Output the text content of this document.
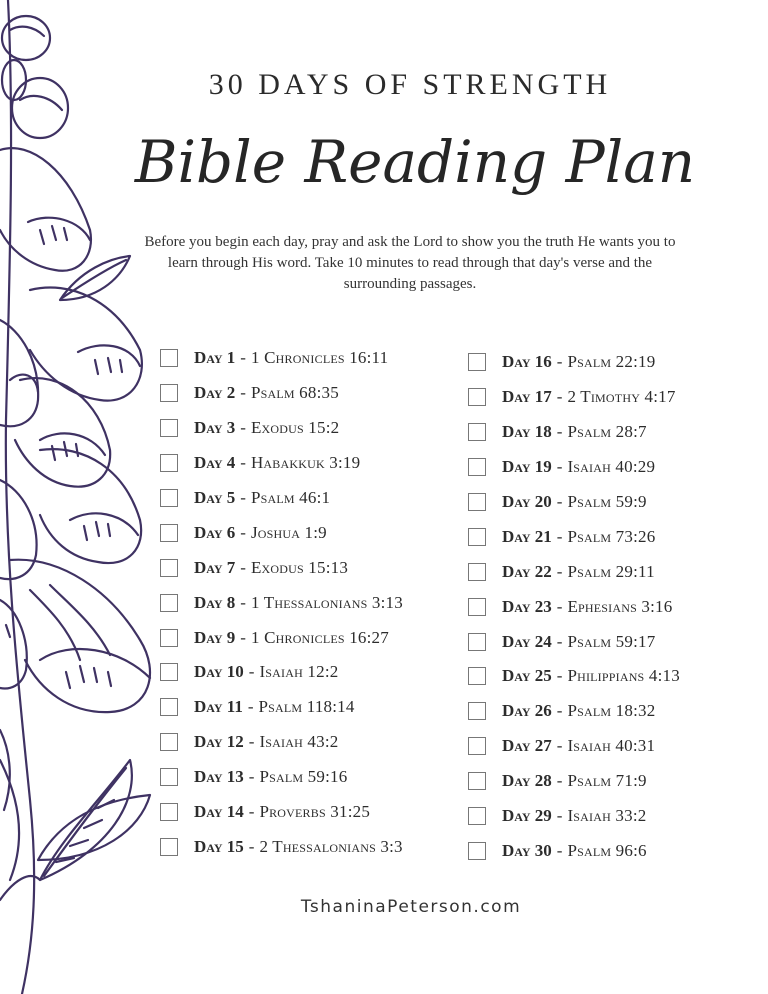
30 DAYS OF STRENGTH
Bible Reading Plan
Before you begin each day, pray and ask the Lord to show you the truth He wants you to learn through His word. Take 10 minutes to read through that day's verse and the surrounding passages.
Day 1 - 1 Chronicles 16:11
Day 2 - Psalm 68:35
Day 3 - Exodus 15:2
Day 4 - Habakkuk 3:19
Day 5 - Psalm 46:1
Day 6 - Joshua 1:9
Day 7 - Exodus 15:13
Day 8 - 1 Thessalonians 3:13
Day 9 - 1 Chronicles 16:27
Day 10 - Isaiah 12:2
Day 11 - Psalm 118:14
Day 12 - Isaiah 43:2
Day 13 - Psalm 59:16
Day 14 - Proverbs 31:25
Day 15 - 2 Thessalonians 3:3
Day 16 - Psalm 22:19
Day 17 - 2 Timothy 4:17
Day 18 - Psalm 28:7
Day 19 - Isaiah 40:29
Day 20 - Psalm 59:9
Day 21 - Psalm 73:26
Day 22 - Psalm 29:11
Day 23 - Ephesians 3:16
Day 24 - Psalm 59:17
Day 25 - Philippians 4:13
Day 26 - Psalm 18:32
Day 27 - Isaiah 40:31
Day 28 - Psalm 71:9
Day 29 - Isaiah 33:2
Day 30 - Psalm 96:6
TshaninaPeterson.com
